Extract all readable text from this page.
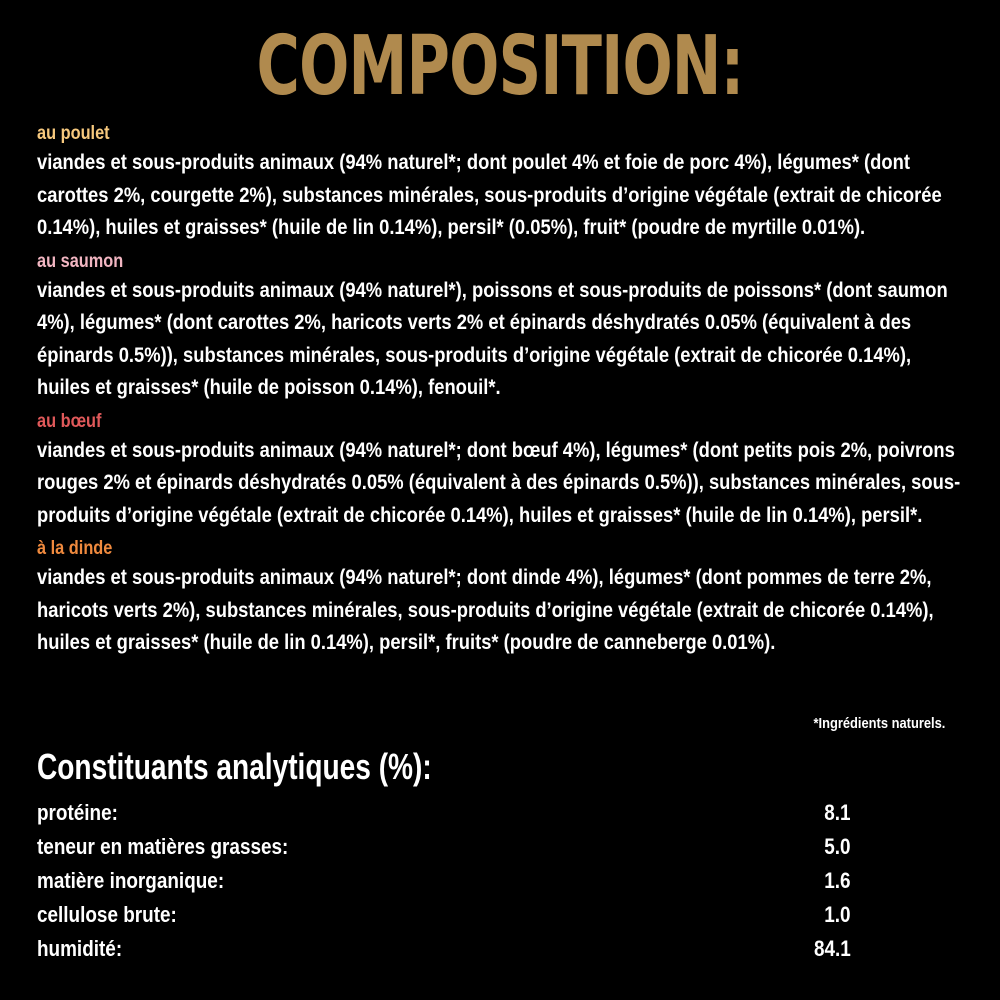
COMPOSITION:
au poulet
viandes et sous-produits animaux (94% naturel*; dont poulet 4% et foie de porc 4%), légumes* (dont carottes 2%, courgette 2%), substances minérales, sous-produits d’origine végétale (extrait de chicorée 0.14%), huiles et graisses* (huile de lin 0.14%), persil* (0.05%), fruit* (poudre de myrtille 0.01%).
au saumon
viandes et sous-produits animaux (94% naturel*), poissons et sous-produits de poissons* (dont saumon 4%), légumes* (dont carottes 2%, haricots verts 2% et épinards déshydratés 0.05% (équivalent à des épinards 0.5%)), substances minérales, sous-produits d’origine végétale (extrait de chicorée 0.14%), huiles et graisses* (huile de poisson 0.14%), fenouil*.
au bœuf
viandes et sous-produits animaux (94% naturel*; dont bœuf 4%), légumes* (dont petits pois 2%, poivrons rouges 2% et épinards déshydratés 0.05% (équivalent à des épinards 0.5%)), substances minérales, sous-produits d’origine végétale (extrait de chicorée 0.14%), huiles et graisses* (huile de lin 0.14%), persil*.
à la dinde
viandes et sous-produits animaux (94% naturel*; dont dinde 4%), légumes* (dont pommes de terre 2%, haricots verts 2%), substances minérales, sous-produits d’origine végétale (extrait de chicorée 0.14%), huiles et graisses* (huile de lin 0.14%), persil*, fruits* (poudre de canneberge 0.01%).
*Ingrédients naturels.
Constituants analytiques (%):
protéine:	8.1
teneur en matières grasses:	5.0
matière inorganique:	1.6
cellulose brute:	1.0
humidité:	84.1
